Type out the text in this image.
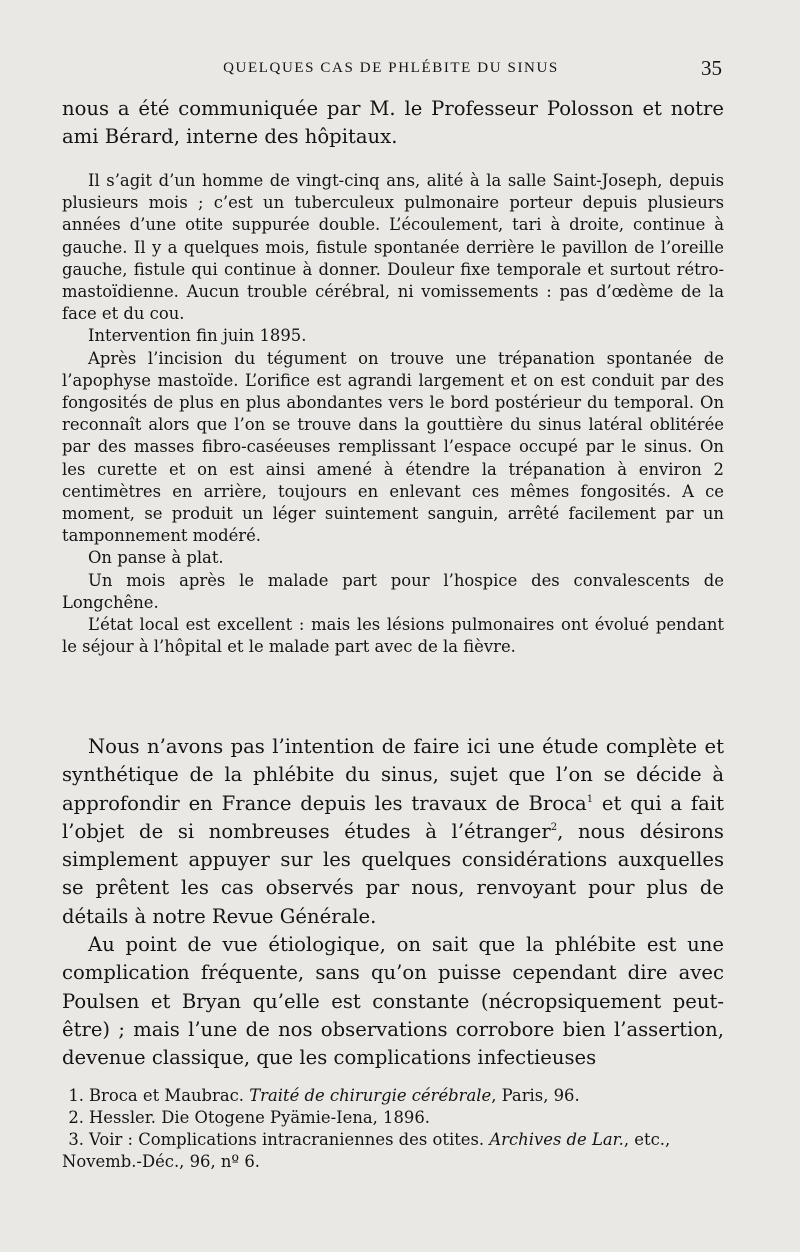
QUELQUES CAS DE PHLÉBITE DU SINUS	35

nous a été communiquée par M. le Professeur Polosson et notre ami Bérard, interne des hôpitaux.

Il s’agit d’un homme de vingt-cinq ans, alité à la salle Saint-Joseph, depuis plusieurs mois ; c’est un tuberculeux pulmonaire porteur depuis plusieurs années d’une otite suppurée double. L’écoulement, tari à droite, continue à gauche. Il y a quelques mois, fistule spontanée derrière le pavillon de l’oreille gauche, fistule qui continue à donner. Douleur fixe temporale et surtout rétro-mastoïdienne. Aucun trouble cérébral, ni vomissements : pas d’œdème de la face et du cou.

Intervention fin juin 1895.

Après l’incision du tégument on trouve une trépanation spontanée de l’apophyse mastoïde. L’orifice est agrandi largement et on est conduit par des fongosités de plus en plus abondantes vers le bord postérieur du temporal. On reconnaît alors que l’on se trouve dans la gouttière du sinus latéral oblitérée par des masses fibro-caséeuses remplissant l’espace occupé par le sinus. On les curette et on est ainsi amené à étendre la trépanation à environ 2 centimètres en arrière, toujours en enlevant ces mêmes fongosités. A ce moment, se produit un léger suintement sanguin, arrêté facilement par un tamponnement modéré.

On panse à plat.

Un mois après le malade part pour l’hospice des convalescents de Longchêne.

L’état local est excellent : mais les lésions pulmonaires ont évolué pendant le séjour à l’hôpital et le malade part avec de la fièvre.

Nous n’avons pas l’intention de faire ici une étude complète et synthétique de la phlébite du sinus, sujet que l’on se décide à approfondir en France depuis les travaux de Broca$^1$ et qui a fait l’objet de si nombreuses études à l’étranger$^2$, nous désirons simplement appuyer sur les quelques considérations auxquelles se prêtent les cas observés par nous, renvoyant pour plus de détails à notre Revue Générale.

Au point de vue étiologique, on sait que la phlébite est une complication fréquente, sans qu’on puisse cependant dire avec Poulsen et Bryan qu’elle est constante (nécropsiquement peut-être) ; mais l’une de nos observations corrobore bien l’assertion, devenue classique, que les complications infectieuses

1. Broca et Maubrac. Traité de chirurgie cérébrale, Paris, 96.

2. Hessler. Die Otogene Pyämie-Iena, 1896.

3. Voir : Complications intracraniennes des otites. Archives de Lar., etc., Novemb.-Déc., 96, nº 6.
